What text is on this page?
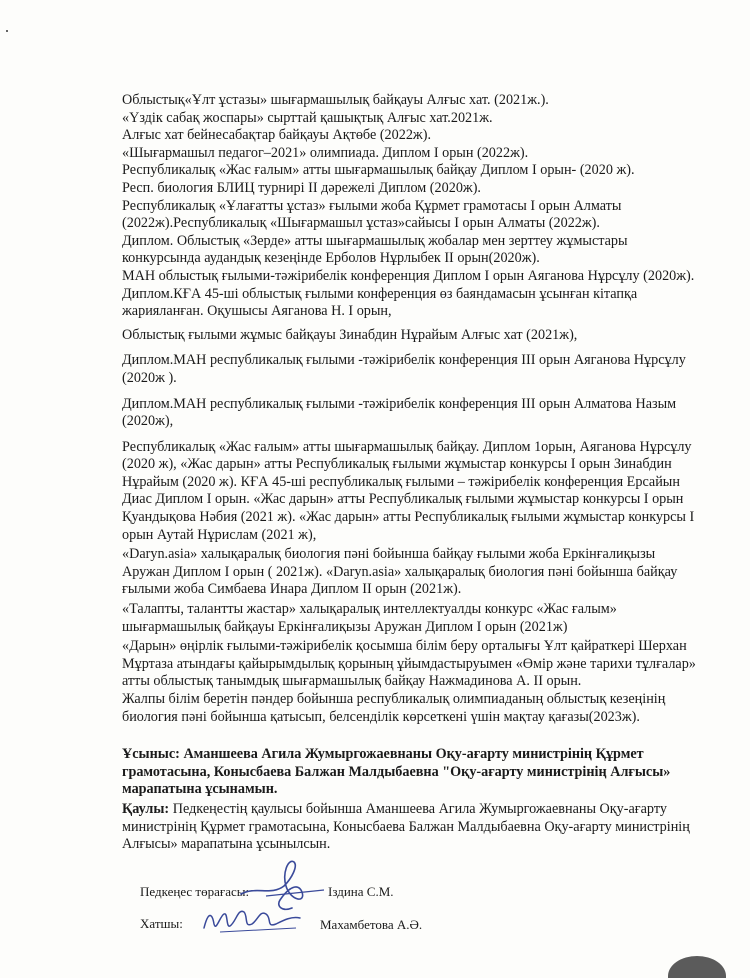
Облыстық«Ұлт ұстазы» шығармашылық байқауы Алғыс хат. (2021ж.).
«Үздік сабақ жоспары» сырттай қашықтық Алғыс хат.2021ж.
Алғыс хат бейнесабақтар байқауы Ақтөбе (2022ж).
«Шығармашыл педагог–2021» олимпиада. Диплом І орын (2022ж).
Республикалық «Жас ғалым» атты шығармашылық байқау Диплом І орын- (2020 ж).
Респ. биология БЛИЦ турнирі ІІ дәрежелі Диплом (2020ж).
Республикалық «Ұлағатты ұстаз» ғылыми жоба Құрмет грамотасы І орын Алматы (2022ж).Республикалық «Шығармашыл ұстаз»сайысы І орын Алматы (2022ж).
Диплом. Облыстық «Зерде» атты шығармашылық жобалар мен зерттеу жұмыстары конкурсында аудандық кезеңінде Ерболов Нұрлыбек ІІ орын(2020ж).
МАН облыстық ғылыми-тәжірибелік конференция Диплом І орын Аяганова Нұрсұлу (2020ж). Диплом.КҒА 45-ші облыстық ғылыми конференция өз баяндамасын ұсынған кітапқа жарияланған. Оқушысы Аяганова Н. І орын,

Облыстық ғылыми жұмыс байқауы Зинабдин Нұрайым Алғыс хат (2021ж),

Диплом.МАН республикалық ғылыми -тәжірибелік конференция ІІІ орын Аяганова Нұрсұлу (2020ж ).

Диплом.МАН республикалық ғылыми -тәжірибелік конференция ІІІ орын Алматова Назым (2020ж),

Республикалық «Жас ғалым» атты шығармашылық байқау. Диплом 1орын, Аяганова Нұрсұлу (2020 ж), «Жас дарын» атты Республикалық ғылыми жұмыстар конкурсы І орын Зинабдин Нұрайым (2020 ж). КҒА 45-ші республикалық ғылыми – тәжірибелік конференция Ерсайын Диас Диплом І орын. «Жас дарын» атты Республикалық ғылыми жұмыстар конкурсы І орын Қуандықова Нәбия (2021 ж). «Жас дарын» атты Республикалық ғылыми жұмыстар конкурсы І орын Аутай Нұрислам (2021 ж),

«Daryn.asia» халықаралық биология пәні бойынша байқау ғылыми жоба Еркінғалиқызы Аружан Диплом І орын ( 2021ж). «Daryn.asia» халықаралық биология пәні бойынша байқау ғылыми жоба Симбаева Инара Диплом ІІ орын (2021ж).

«Талапты, талантты жастар» халықаралық интеллектуалды конкурс «Жас ғалым» шығармашылық байқауы Еркінғалиқызы Аружан Диплом І орын (2021ж)

«Дарын» өңірлік ғылыми-тәжірибелік қосымша білім беру орталығы Ұлт қайраткері Шерхан Мұртаза атындағы қайырымдылық қорының ұйымдастыруымен «Өмір және тарихи тұлғалар» атты облыстық танымдық шығармашылық байқау Нажмадинова А. ІІ орын.
Жалпы білім беретін пәндер бойынша республикалық олимпиаданың облыстық кезеңінің биология пәні бойынша қатысып, белсенділік көрсеткені үшін мақтау қағазы(2023ж).

Ұсыныс: Аманшеева Агила Жумыргожаевнаны Оқу-ағарту министрінің Құрмет грамотасына, Коныcбаева Балжан Малдыбаевна "Оқу-ағарту министрінің Алғысы» марапатына ұсынамын.
Қаулы: Педкеңестің қаулысы бойынша Аманшеева Агила Жумыргожаевнаны Оқу-ағарту министрінің Құрмет грамотасына, Коныcбаева Балжан Малдыбаевна Оқу-ағарту министрінің Алғысы» марапатына ұсынылсын.
Педкеңес төрағасы:	Іздина С.М.
Хатшы:	Махамбетова А.Ә.
